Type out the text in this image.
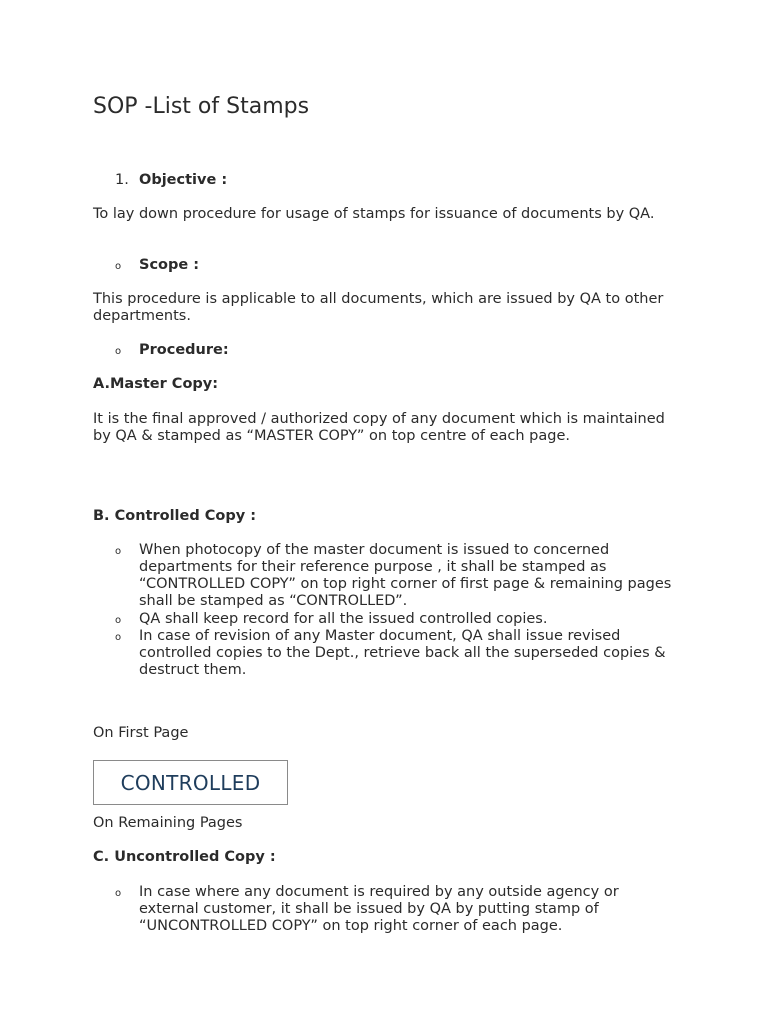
SOP -List of Stamps
1. Objective :
To lay down procedure for usage of stamps for issuance of documents by QA.
o Scope :
This procedure is applicable to all documents, which are issued by QA to other departments.
o Procedure:
A.Master Copy:
It is the final approved / authorized copy of any document which is maintained by QA & stamped as “MASTER COPY” on top centre of each page.
B. Controlled Copy :
o When photocopy of the master document is issued to concerned departments for their reference purpose , it shall be stamped as “CONTROLLED COPY” on top right corner of first page & remaining pages shall be stamped as “CONTROLLED”.
o QA shall keep record for all the issued controlled copies.
o In case of revision of any Master document, QA shall issue revised controlled copies to the Dept., retrieve back all the superseded copies & destruct them.
On First Page
CONTROLLED
On Remaining Pages
C. Uncontrolled Copy :
o In case where any document is required by any outside agency or external customer, it shall be issued by QA by putting stamp of “UNCONTROLLED COPY” on top right corner of each page.
